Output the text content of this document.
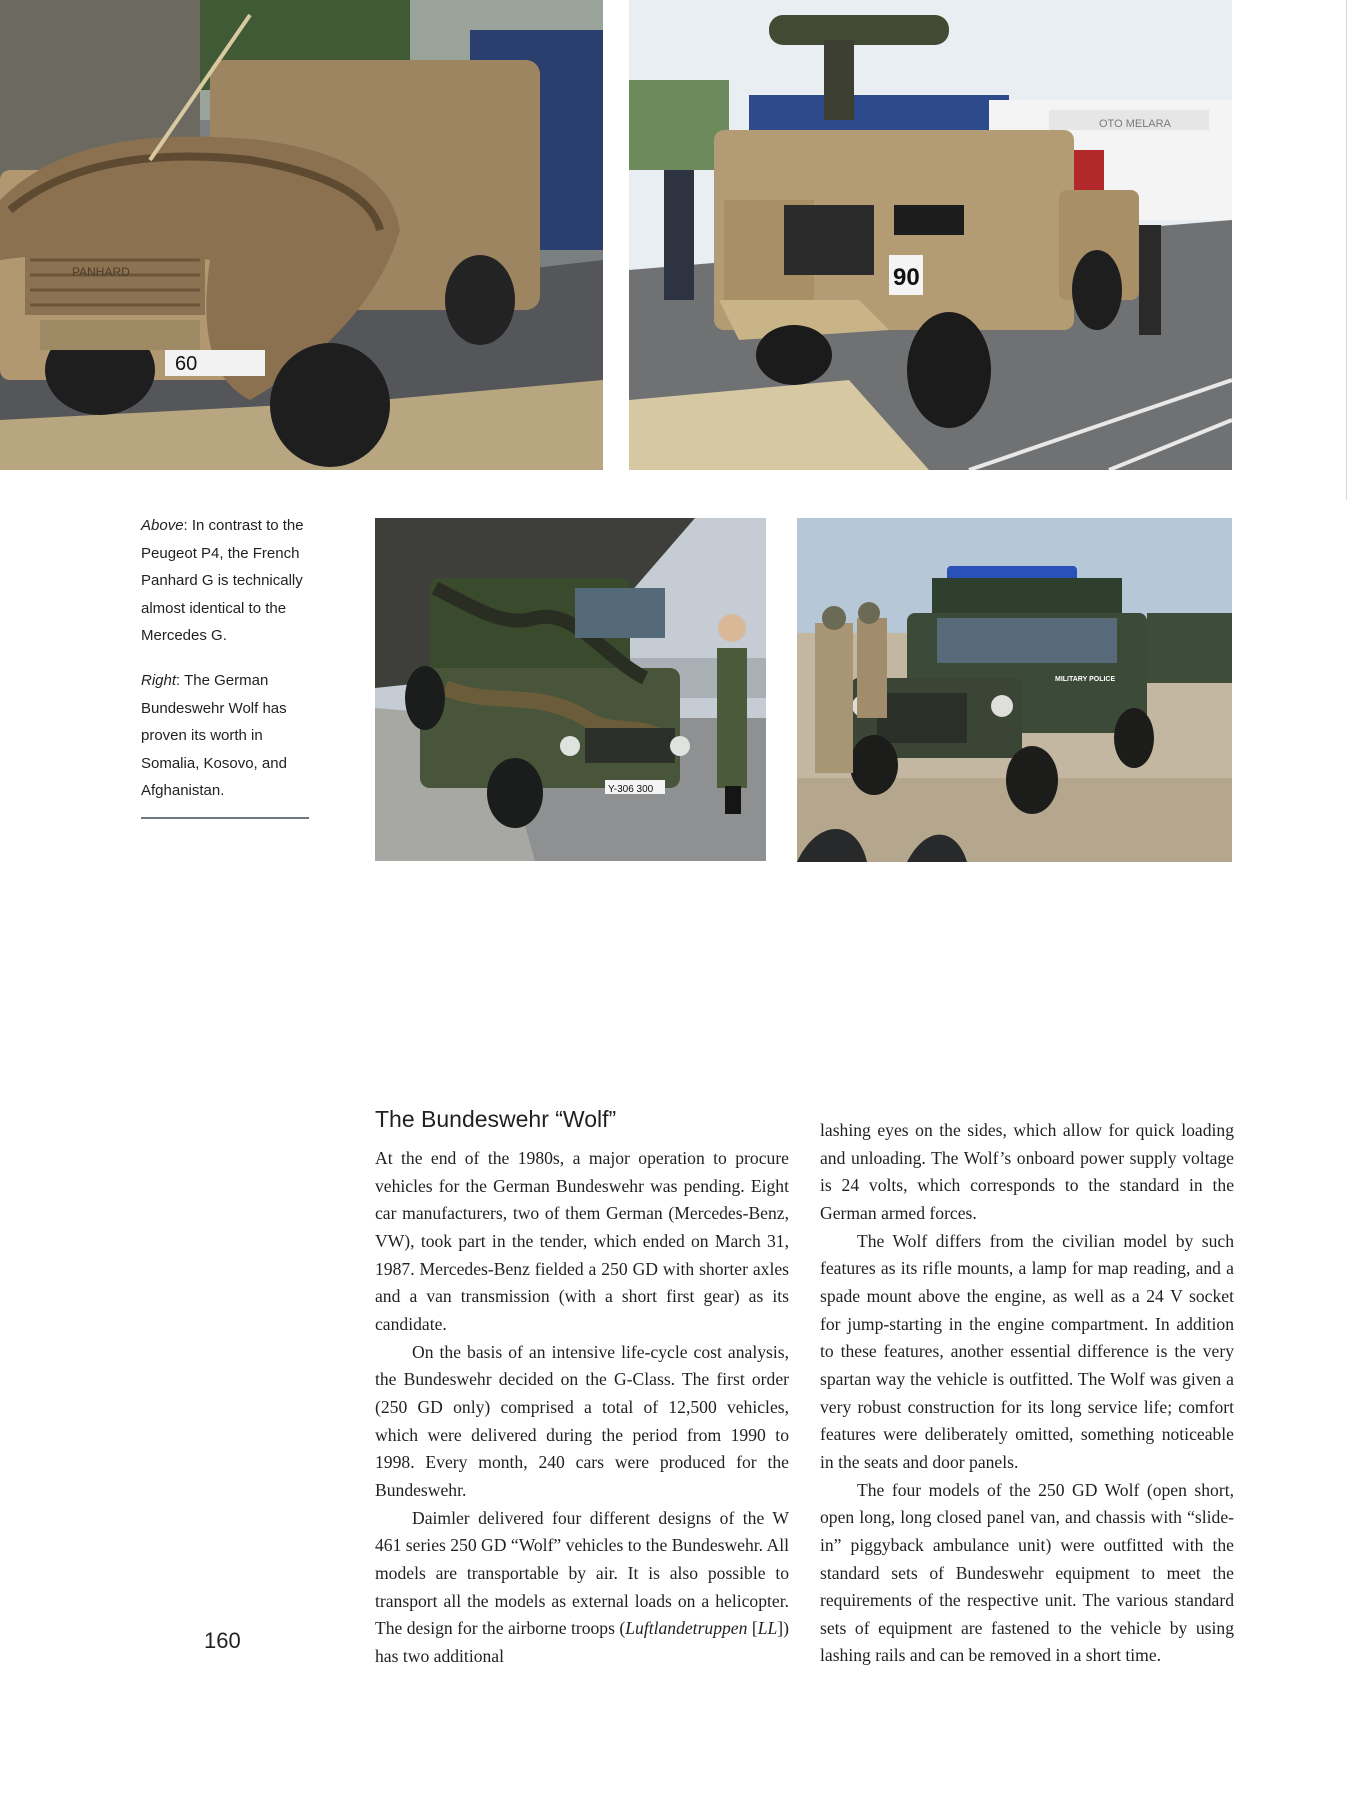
60
PANHARD
OTO MELARA
90
Y-306 300
MILITARY POLICE

Above: In contrast to the Peugeot P4, the French Panhard G is technically almost identical to the Mercedes G.

Right: The German Bundeswehr Wolf has proven its worth in Somalia, Kosovo, and Afghanistan.

The Bundeswehr “Wolf”

At the end of the 1980s, a major operation to procure vehicles for the German Bundeswehr was pending. Eight car manufacturers, two of them German (Mercedes-Benz, VW), took part in the tender, which ended on March 31, 1987. Mercedes-Benz fielded a 250 GD with shorter axles and a van transmission (with a short first gear) as its candidate.

On the basis of an intensive life-cycle cost analysis, the Bundeswehr decided on the G-Class. The first order (250 GD only) comprised a total of 12,500 vehicles, which were delivered during the period from 1990 to 1998. Every month, 240 cars were produced for the Bundeswehr.

Daimler delivered four different designs of the W 461 series 250 GD “Wolf” vehicles to the Bundeswehr. All models are transportable by air. It is also possible to transport all the models as external loads on a helicopter. The design for the airborne troops (Luftlandetruppen [LL]) has two additional

lashing eyes on the sides, which allow for quick loading and unloading. The Wolf’s onboard power supply voltage is 24 volts, which corresponds to the standard in the German armed forces.

The Wolf differs from the civilian model by such features as its rifle mounts, a lamp for map reading, and a spade mount above the engine, as well as a 24 V socket for jump-starting in the engine compartment. In addition to these features, another essential difference is the very spartan way the vehicle is outfitted. The Wolf was given a very robust construction for its long service life; comfort features were deliberately omitted, something noticeable in the seats and door panels.

The four models of the 250 GD Wolf (open short, open long, long closed panel van, and chassis with “slide-in” piggyback ambulance unit) were outfitted with the standard sets of Bundeswehr equipment to meet the requirements of the respective unit. The various standard sets of equipment are fastened to the vehicle by using lashing rails and can be removed in a short time.

160
